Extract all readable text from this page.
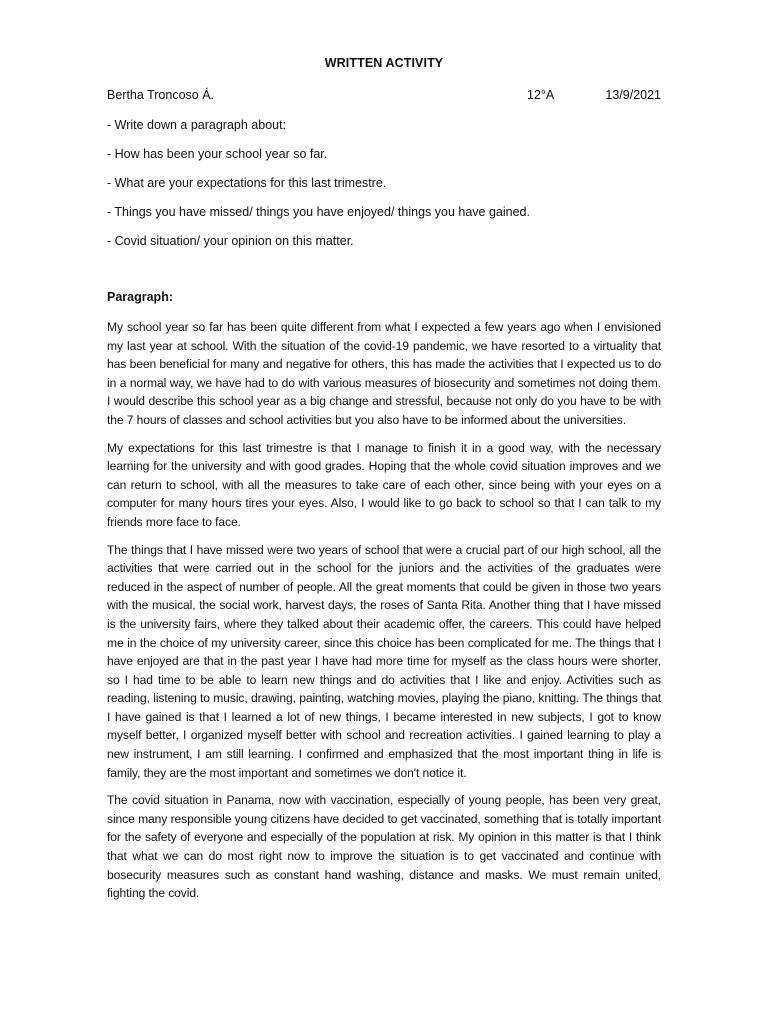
WRITTEN ACTIVITY
Bertha Troncoso Á.	12°A	13/9/2021
- Write down a paragraph about:
- How has been your school year so far.
- What are your expectations for this last trimestre.
- Things you have missed/ things you have enjoyed/ things you have gained.
- Covid situation/ your opinion on this matter.
Paragraph:

My school year so far has been quite different from what I expected a few years ago when I envisioned my last year at school. With the situation of the covid-19 pandemic, we have resorted to a virtuality that has been beneficial for many and negative for others, this has made the activities that I expected us to do in a normal way, we have had to do with various measures of biosecurity and sometimes not doing them. I would describe this school year as a big change and stressful, because not only do you have to be with the 7 hours of classes and school activities but you also have to be informed about the universities.

My expectations for this last trimestre is that I manage to finish it in a good way, with the necessary learning for the university and with good grades. Hoping that the whole covid situation improves and we can return to school, with all the measures to take care of each other, since being with your eyes on a computer for many hours tires your eyes. Also, I would like to go back to school so that I can talk to my friends more face to face.

The things that I have missed were two years of school that were a crucial part of our high school, all the activities that were carried out in the school for the juniors and the activities of the graduates were reduced in the aspect of number of people. All the great moments that could be given in those two years with the musical, the social work, harvest days, the roses of Santa Rita. Another thing that I have missed is the university fairs, where they talked about their academic offer, the careers. This could have helped me in the choice of my university career, since this choice has been complicated for me. The things that I have enjoyed are that in the past year I have had more time for myself as the class hours were shorter, so I had time to be able to learn new things and do activities that I like and enjoy. Activities such as reading, listening to music, drawing, painting, watching movies, playing the piano, knitting. The things that I have gained is that I learned a lot of new things, I became interested in new subjects, I got to know myself better, I organized myself better with school and recreation activities. I gained learning to play a new instrument, I am still learning. I confirmed and emphasized that the most important thing in life is family, they are the most important and sometimes we don't notice it.

The covid situation in Panama, now with vaccination, especially of young people, has been very great, since many responsible young citizens have decided to get vaccinated, something that is totally important for the safety of everyone and especially of the population at risk. My opinion in this matter is that I think that what we can do most right now to improve the situation is to get vaccinated and continue with bosecurity measures such as constant hand washing, distance and masks. We must remain united, fighting the covid.
